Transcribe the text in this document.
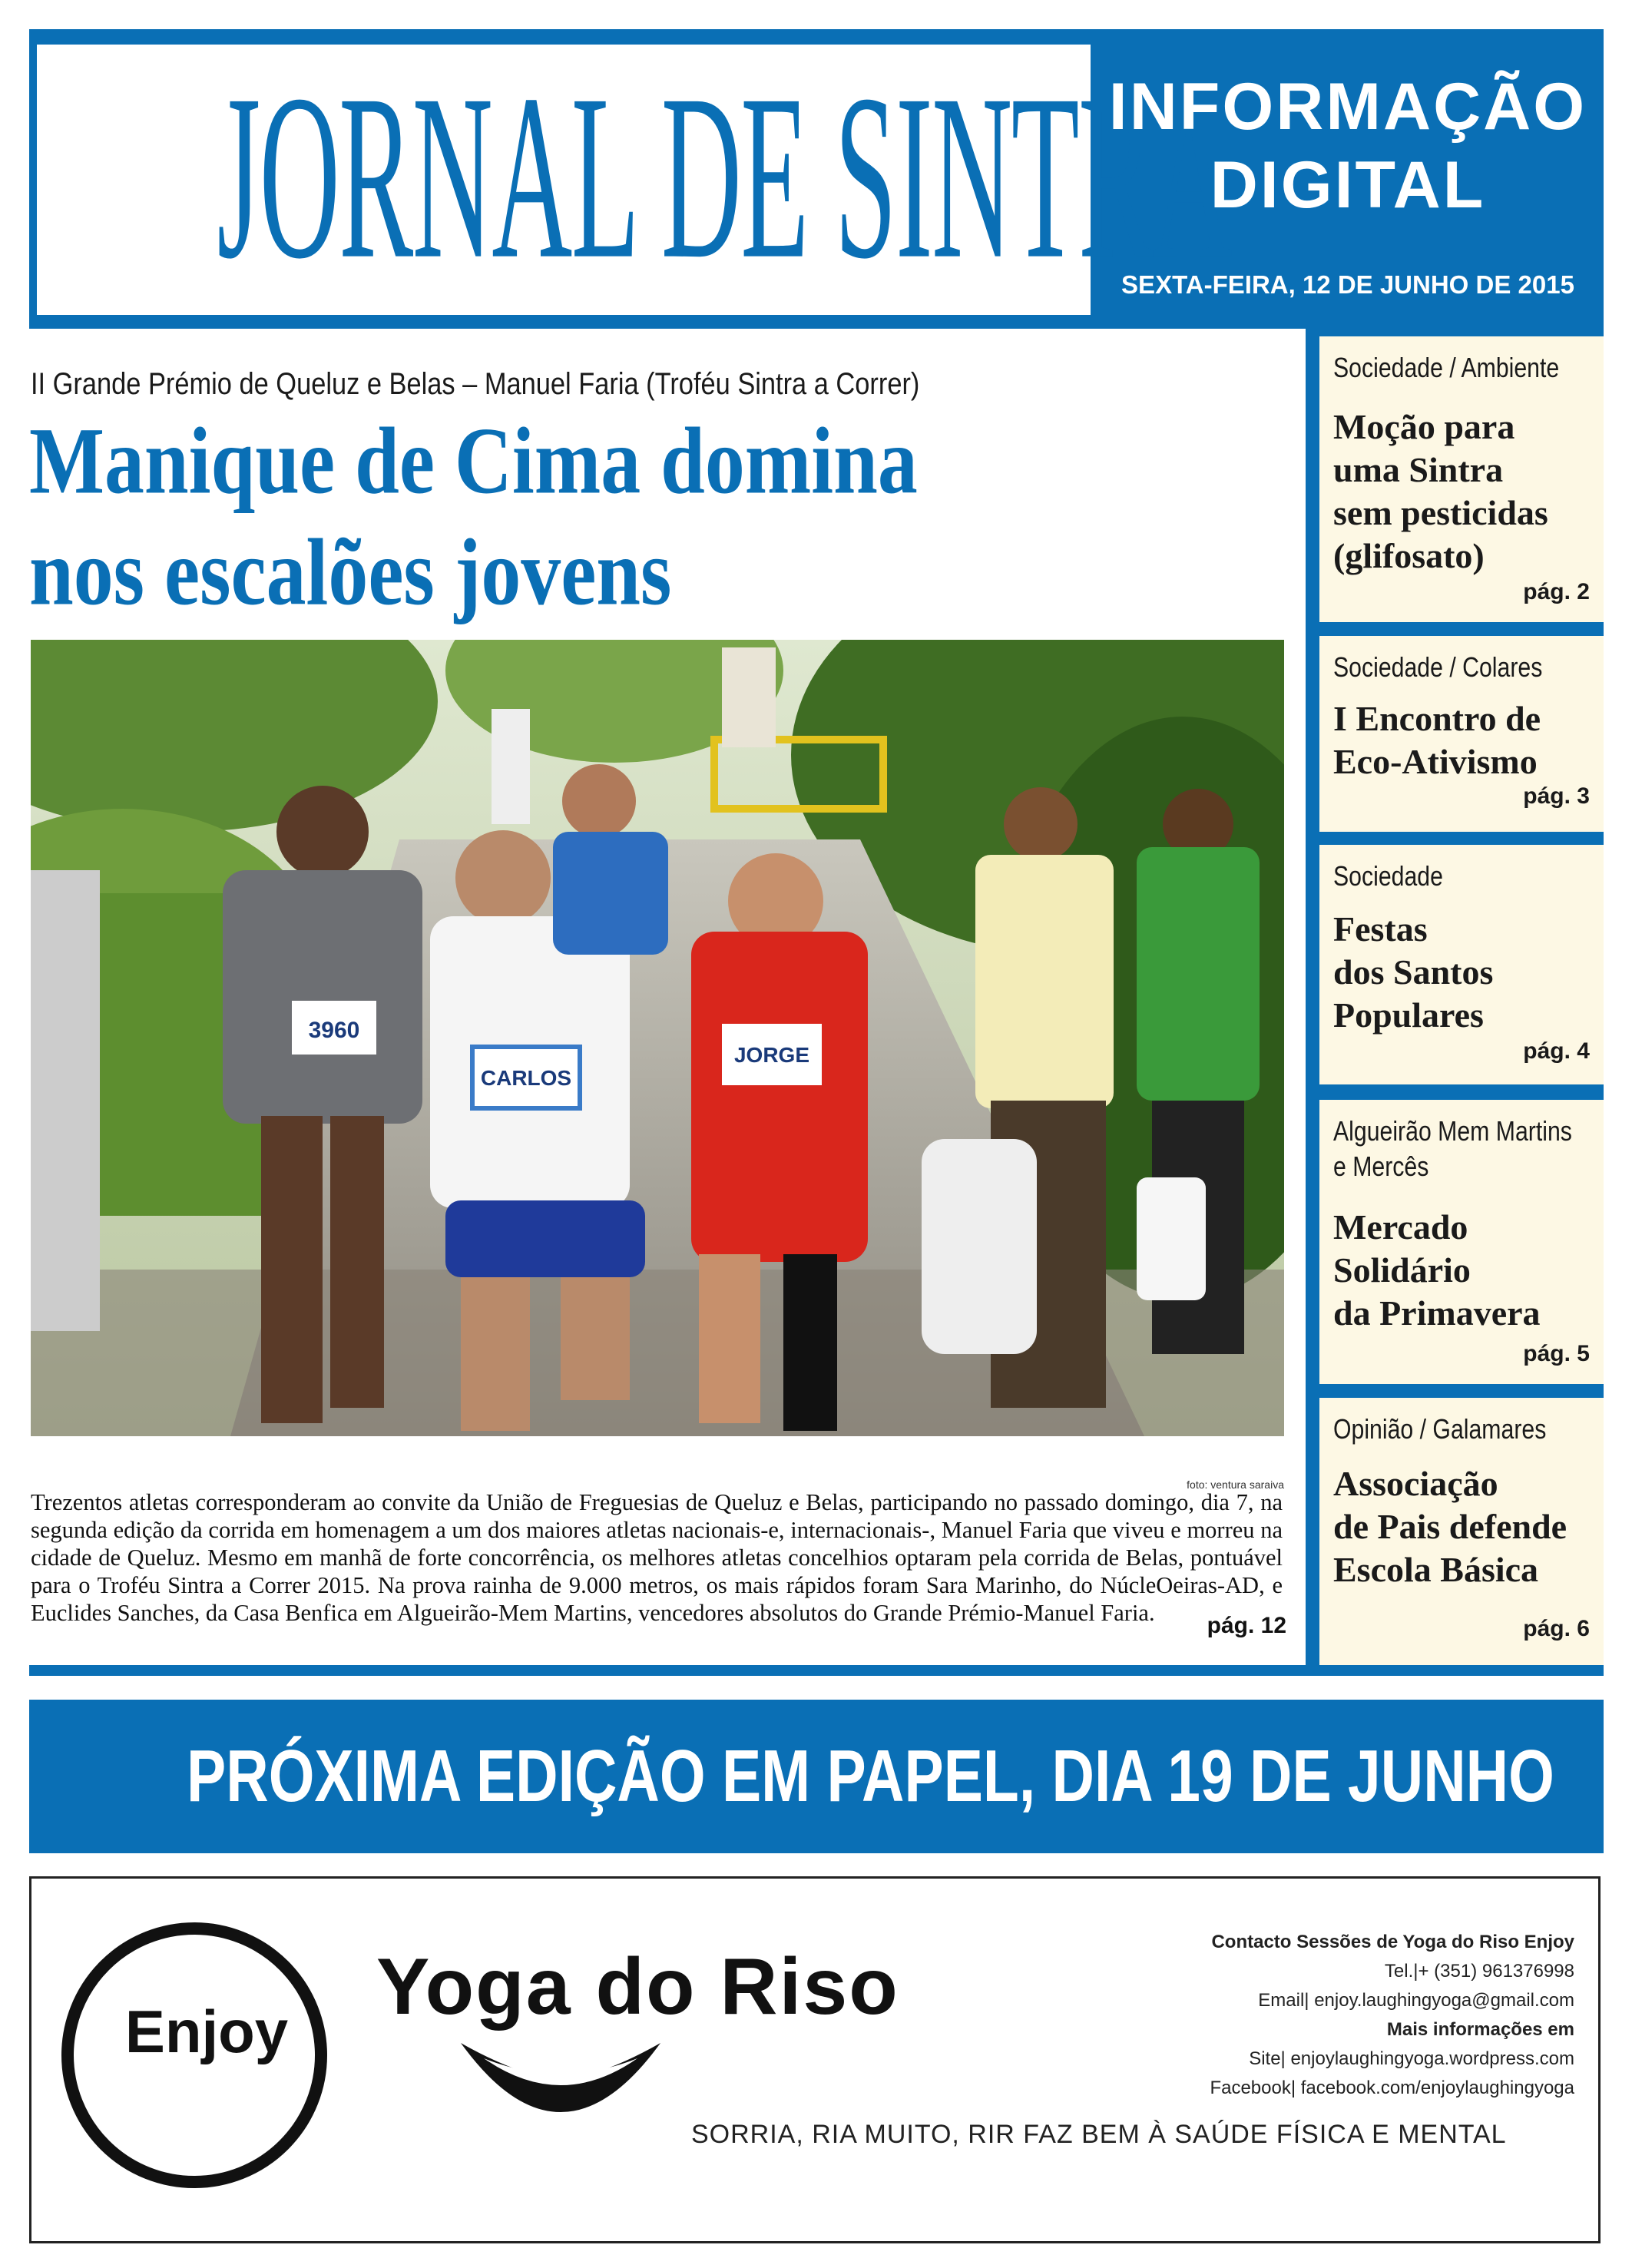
JORNAL DE SINTRA
INFORMAÇÃO
DIGITAL
SEXTA-FEIRA, 12 DE JUNHO DE 2015
II Grande Prémio de Queluz e Belas – Manuel Faria (Troféu Sintra a Correr)
Manique de Cima domina
nos escalões jovens
3960
CARLOS
JORGE
foto: ventura saraiva
Trezentos atletas corresponderam ao convite da União de Freguesias de Queluz e Belas, participando no passado domingo, dia 7, na segunda edição da corrida em homenagem a um dos maiores atletas nacionais-e, internacionais-, Manuel Faria que viveu e morreu na cidade de Queluz. Mesmo em manhã de forte concorrência, os melhores atletas concelhios optaram pela corrida de Belas, pontuável para o Troféu Sintra a Correr 2015. Na prova rainha de 9.000 metros, os mais rápidos foram Sara Marinho, do NúcleOeiras-AD, e Euclides Sanches, da Casa Benfica em Algueirão-Mem Martins, vencedores absolutos do Grande Prémio-Manuel Faria.	pág. 12
Sociedade / Ambiente
Moção para
uma Sintra
sem pesticidas
(glifosato)
pág. 2
Sociedade / Colares
I Encontro de
Eco-Ativismo
pág. 3
Sociedade
Festas
dos Santos
Populares
pág. 4
Algueirão Mem Martins
e Mercês
Mercado
Solidário
da Primavera
pág. 5
Opinião / Galamares
Associação
de Pais defende
Escola Básica
pág. 6
PRÓXIMA EDIÇÃO EM PAPEL, DIA 19 DE JUNHO
Enjoy	Yoga do Riso
Contacto Sessões de Yoga do Riso Enjoy
Tel.|+ (351) 961376998
Email| enjoy.laughingyoga@gmail.com
Mais informações em
Site| enjoylaughingyoga.wordpress.com
Facebook| facebook.com/enjoylaughingyoga
SORRIA, RIA MUITO, RIR FAZ BEM À SAÚDE FÍSICA E MENTAL
